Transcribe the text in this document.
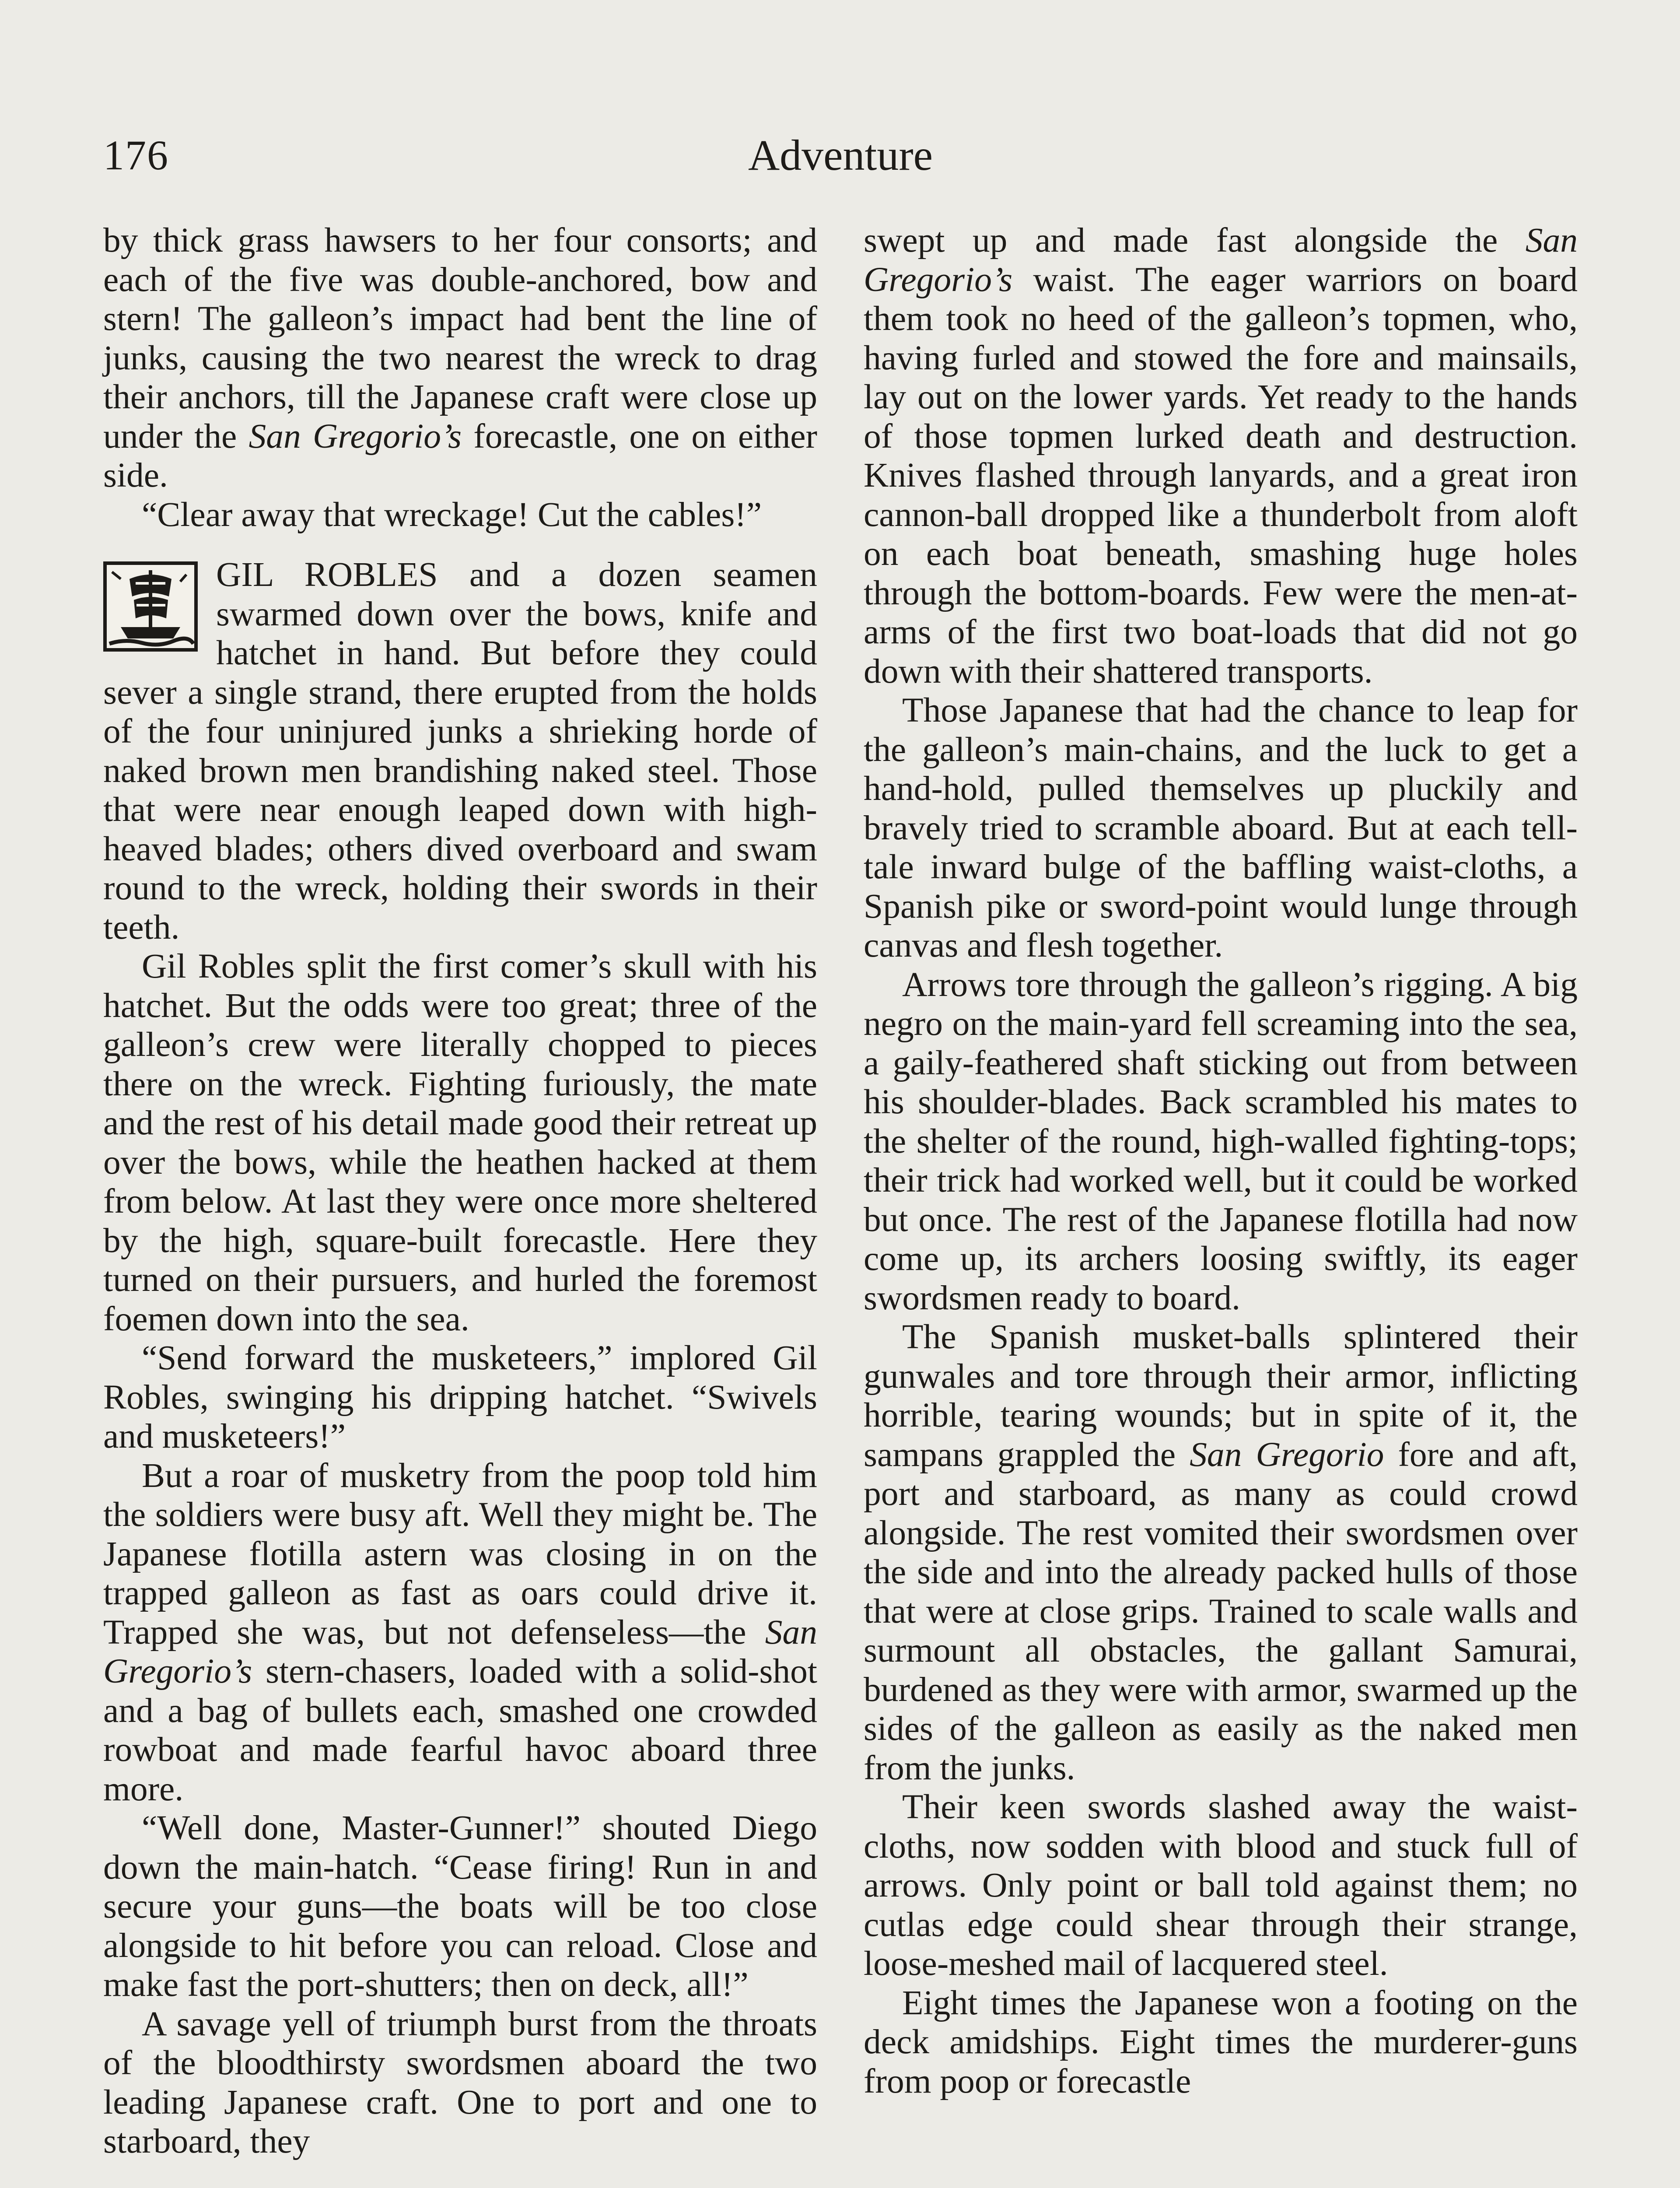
176	Adventure

by thick grass hawsers to her four consorts; and each of the five was double-anchored, bow and stern! The galleon’s impact had bent the line of junks, causing the two nearest the wreck to drag their anchors, till the Japanese craft were close up under the San Gregorio’s forecastle, one on either side.

“Clear away that wreckage! Cut the cables!”

GIL ROBLES and a dozen seamen swarmed down over the bows, knife and hatchet in hand. But before they could sever a single strand, there erupted from the holds of the four uninjured junks a shrieking horde of naked brown men brandishing naked steel. Those that were near enough leaped down with high-heaved blades; others dived overboard and swam round to the wreck, holding their swords in their teeth.

Gil Robles split the first comer’s skull with his hatchet. But the odds were too great; three of the galleon’s crew were literally chopped to pieces there on the wreck. Fighting furiously, the mate and the rest of his detail made good their retreat up over the bows, while the heathen hacked at them from below. At last they were once more sheltered by the high, square-built forecastle. Here they turned on their pursuers, and hurled the foremost foemen down into the sea.

“Send forward the musketeers,” implored Gil Robles, swinging his dripping hatchet. “Swivels and musketeers!”

But a roar of musketry from the poop told him the soldiers were busy aft. Well they might be. The Japanese flotilla astern was closing in on the trapped galleon as fast as oars could drive it. Trapped she was, but not defenseless—the San Gregorio’s stern-chasers, loaded with a solid-shot and a bag of bullets each, smashed one crowded rowboat and made fearful havoc aboard three more.

“Well done, Master-Gunner!” shouted Diego down the main-hatch. “Cease firing! Run in and secure your guns—the boats will be too close alongside to hit before you can reload. Close and make fast the port-shutters; then on deck, all!”

A savage yell of triumph burst from the throats of the bloodthirsty swordsmen aboard the two leading Japanese craft. One to port and one to starboard, they

swept up and made fast alongside the San Gregorio’s waist. The eager warriors on board them took no heed of the galleon’s topmen, who, having furled and stowed the fore and mainsails, lay out on the lower yards. Yet ready to the hands of those topmen lurked death and destruction. Knives flashed through lanyards, and a great iron cannon-ball dropped like a thunderbolt from aloft on each boat beneath, smashing huge holes through the bottom-boards. Few were the men-at-arms of the first two boat-loads that did not go down with their shattered transports.

Those Japanese that had the chance to leap for the galleon’s main-chains, and the luck to get a hand-hold, pulled themselves up pluckily and bravely tried to scramble aboard. But at each tell-tale inward bulge of the baffling waist-cloths, a Spanish pike or sword-point would lunge through canvas and flesh together.

Arrows tore through the galleon’s rigging. A big negro on the main-yard fell screaming into the sea, a gaily-feathered shaft sticking out from between his shoulder-blades. Back scrambled his mates to the shelter of the round, high-walled fighting-tops; their trick had worked well, but it could be worked but once. The rest of the Japanese flotilla had now come up, its archers loosing swiftly, its eager swordsmen ready to board.

The Spanish musket-balls splintered their gunwales and tore through their armor, inflicting horrible, tearing wounds; but in spite of it, the sampans grappled the San Gregorio fore and aft, port and starboard, as many as could crowd alongside. The rest vomited their swordsmen over the side and into the already packed hulls of those that were at close grips. Trained to scale walls and surmount all obstacles, the gallant Samurai, burdened as they were with armor, swarmed up the sides of the galleon as easily as the naked men from the junks.

Their keen swords slashed away the waist-cloths, now sodden with blood and stuck full of arrows. Only point or ball told against them; no cutlas edge could shear through their strange, loose-meshed mail of lacquered steel.

Eight times the Japanese won a footing on the deck amidships. Eight times the murderer-guns from poop or forecastle
